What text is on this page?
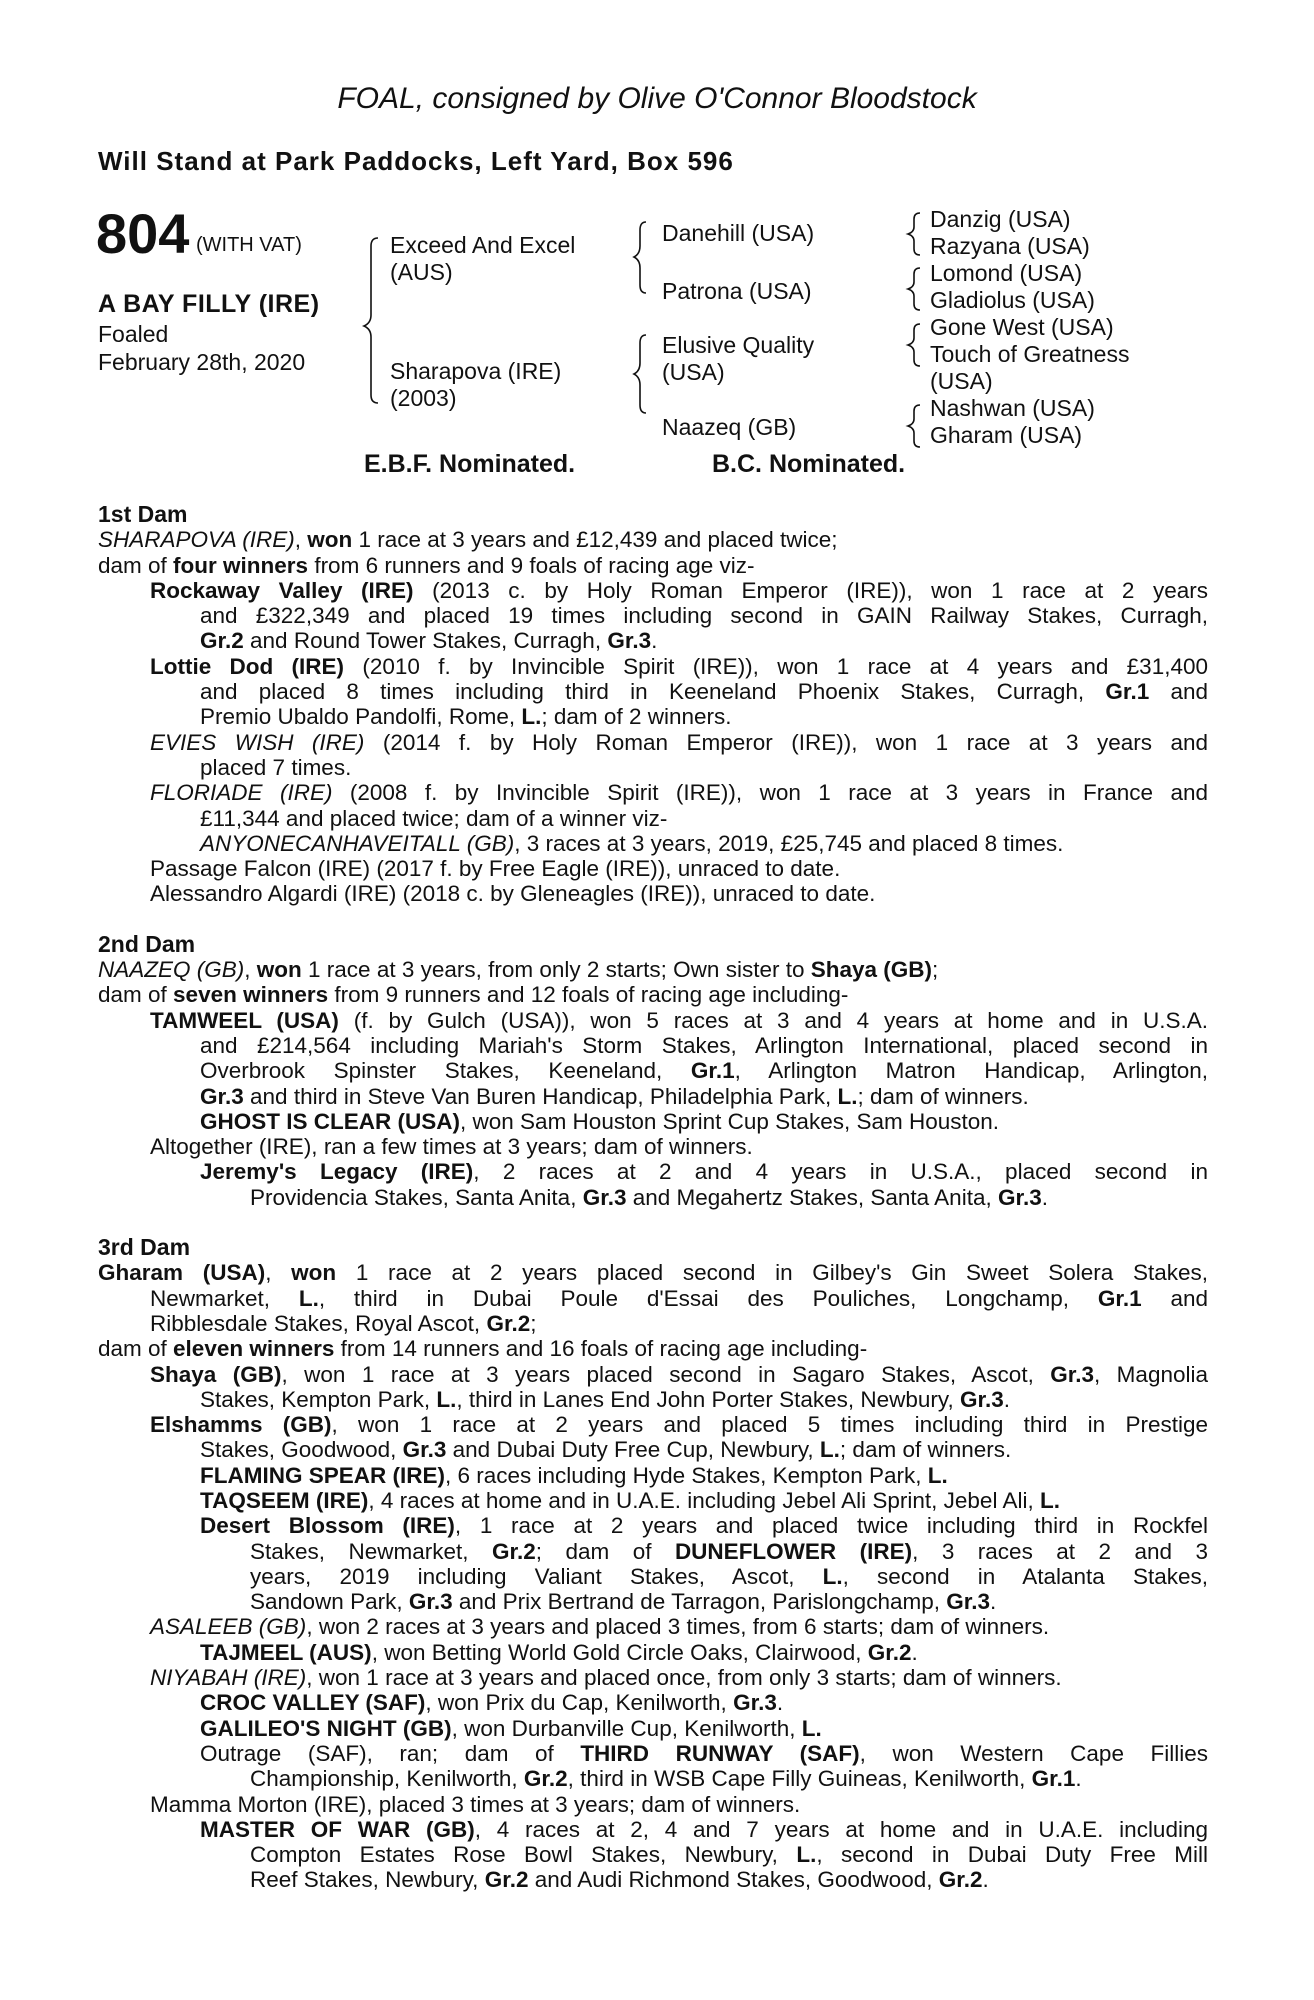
FOAL, consigned by Olive O'Connor Bloodstock
Will Stand at Park Paddocks, Left Yard, Box 596
804 (WITH VAT)
A BAY FILLY (IRE)
Foaled
February 28th, 2020
Exceed And Excel
(AUS)
Sharapova (IRE)
(2003)
Danehill (USA)
Patrona (USA)
Elusive Quality
(USA)
Naazeq (GB)
Danzig (USA)
Razyana (USA)
Lomond (USA)
Gladiolus (USA)
Gone West (USA)
Touch of Greatness
(USA)
Nashwan (USA)
Gharam (USA)
E.B.F. Nominated.	B.C. Nominated.
1st Dam
SHARAPOVA (IRE), won 1 race at 3 years and £12,439 and placed twice;
dam of four winners from 6 runners and 9 foals of racing age viz-
Rockaway Valley (IRE) (2013 c. by Holy Roman Emperor (IRE)), won 1 race at 2 years
and £322,349 and placed 19 times including second in GAIN Railway Stakes, Curragh,
Gr.2 and Round Tower Stakes, Curragh, Gr.3.
Lottie Dod (IRE) (2010 f. by Invincible Spirit (IRE)), won 1 race at 4 years and £31,400
and placed 8 times including third in Keeneland Phoenix Stakes, Curragh, Gr.1 and
Premio Ubaldo Pandolfi, Rome, L.; dam of 2 winners.
EVIES WISH (IRE) (2014 f. by Holy Roman Emperor (IRE)), won 1 race at 3 years and
placed 7 times.
FLORIADE (IRE) (2008 f. by Invincible Spirit (IRE)), won 1 race at 3 years in France and
£11,344 and placed twice; dam of a winner viz-
ANYONECANHAVEITALL (GB), 3 races at 3 years, 2019, £25,745 and placed 8 times.
Passage Falcon (IRE) (2017 f. by Free Eagle (IRE)), unraced to date.
Alessandro Algardi (IRE) (2018 c. by Gleneagles (IRE)), unraced to date.
2nd Dam
NAAZEQ (GB), won 1 race at 3 years, from only 2 starts; Own sister to Shaya (GB);
dam of seven winners from 9 runners and 12 foals of racing age including-
TAMWEEL (USA) (f. by Gulch (USA)), won 5 races at 3 and 4 years at home and in U.S.A.
and £214,564 including Mariah's Storm Stakes, Arlington International, placed second in
Overbrook Spinster Stakes, Keeneland, Gr.1, Arlington Matron Handicap, Arlington,
Gr.3 and third in Steve Van Buren Handicap, Philadelphia Park, L.; dam of winners.
GHOST IS CLEAR (USA), won Sam Houston Sprint Cup Stakes, Sam Houston.
Altogether (IRE), ran a few times at 3 years; dam of winners.
Jeremy's Legacy (IRE), 2 races at 2 and 4 years in U.S.A., placed second in
Providencia Stakes, Santa Anita, Gr.3 and Megahertz Stakes, Santa Anita, Gr.3.
3rd Dam
Gharam (USA), won 1 race at 2 years placed second in Gilbey's Gin Sweet Solera Stakes,
Newmarket, L., third in Dubai Poule d'Essai des Pouliches, Longchamp, Gr.1 and
Ribblesdale Stakes, Royal Ascot, Gr.2;
dam of eleven winners from 14 runners and 16 foals of racing age including-
Shaya (GB), won 1 race at 3 years placed second in Sagaro Stakes, Ascot, Gr.3, Magnolia
Stakes, Kempton Park, L., third in Lanes End John Porter Stakes, Newbury, Gr.3.
Elshamms (GB), won 1 race at 2 years and placed 5 times including third in Prestige
Stakes, Goodwood, Gr.3 and Dubai Duty Free Cup, Newbury, L.; dam of winners.
FLAMING SPEAR (IRE), 6 races including Hyde Stakes, Kempton Park, L.
TAQSEEM (IRE), 4 races at home and in U.A.E. including Jebel Ali Sprint, Jebel Ali, L.
Desert Blossom (IRE), 1 race at 2 years and placed twice including third in Rockfel
Stakes, Newmarket, Gr.2; dam of DUNEFLOWER (IRE), 3 races at 2 and 3
years, 2019 including Valiant Stakes, Ascot, L., second in Atalanta Stakes,
Sandown Park, Gr.3 and Prix Bertrand de Tarragon, Parislongchamp, Gr.3.
ASALEEB (GB), won 2 races at 3 years and placed 3 times, from 6 starts; dam of winners.
TAJMEEL (AUS), won Betting World Gold Circle Oaks, Clairwood, Gr.2.
NIYABAH (IRE), won 1 race at 3 years and placed once, from only 3 starts; dam of winners.
CROC VALLEY (SAF), won Prix du Cap, Kenilworth, Gr.3.
GALILEO'S NIGHT (GB), won Durbanville Cup, Kenilworth, L.
Outrage (SAF), ran; dam of THIRD RUNWAY (SAF), won Western Cape Fillies
Championship, Kenilworth, Gr.2, third in WSB Cape Filly Guineas, Kenilworth, Gr.1.
Mamma Morton (IRE), placed 3 times at 3 years; dam of winners.
MASTER OF WAR (GB), 4 races at 2, 4 and 7 years at home and in U.A.E. including
Compton Estates Rose Bowl Stakes, Newbury, L., second in Dubai Duty Free Mill
Reef Stakes, Newbury, Gr.2 and Audi Richmond Stakes, Goodwood, Gr.2.
